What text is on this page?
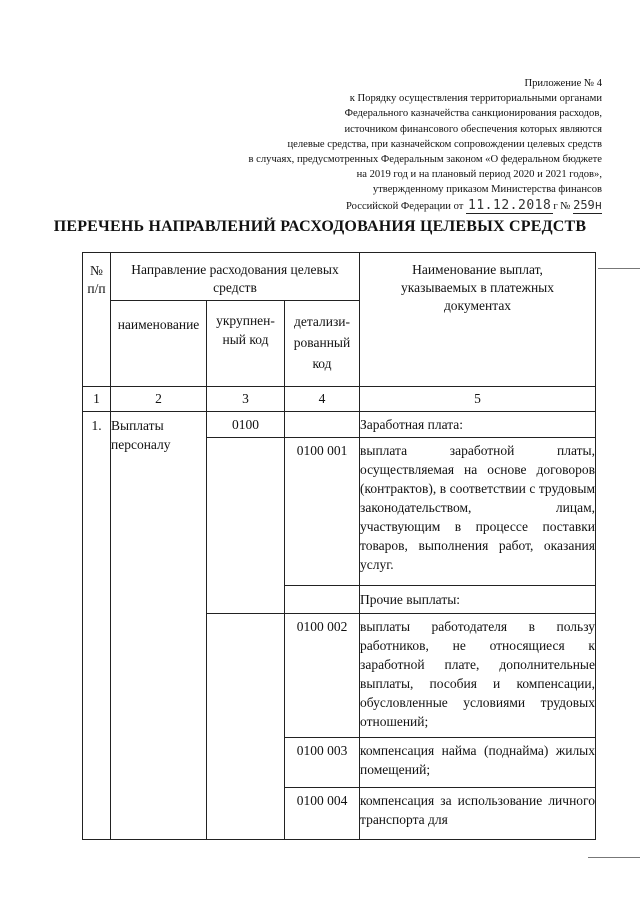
Приложение № 4
к Порядку осуществления территориальными органами
Федерального казначейства санкционирования расходов,
источником финансового обеспечения которых являются
целевые средства, при казначейском сопровождении целевых средств
в случаях, предусмотренных Федеральным законом «О федеральном бюджете
на 2019 год и на плановый период 2020 и 2021 годов»,
утвержденному приказом Министерства финансов
Российской Федерации от 11.12.2018 г № 259н
ПЕРЕЧЕНЬ НАПРАВЛЕНИЙ РАСХОДОВАНИЯ ЦЕЛЕВЫХ СРЕДСТВ
№ п/п	Направление расходования целевых средств			Наименование выплат, указываемых в платежных документах
	наименование	укрупнен-ный код	детализи-рованный код	
1	2	3	4	5
1.	Выплаты персоналу	0100		Заработная плата:
			0100 001	выплата заработной платы, осуществляемая на основе договоров (контрактов), в соответствии с трудовым законодательством, лицам, участвующим в процессе поставки товаров, выполнения работ, оказания услуг.
				Прочие выплаты:
			0100 002	выплаты работодателя в пользу работников, не относящиеся к заработной плате, дополнительные выплаты, пособия и компенсации, обусловленные условиями трудовых отношений;
			0100 003	компенсация найма (поднайма) жилых помещений;
			0100 004	компенсация за использование личного транспорта для
